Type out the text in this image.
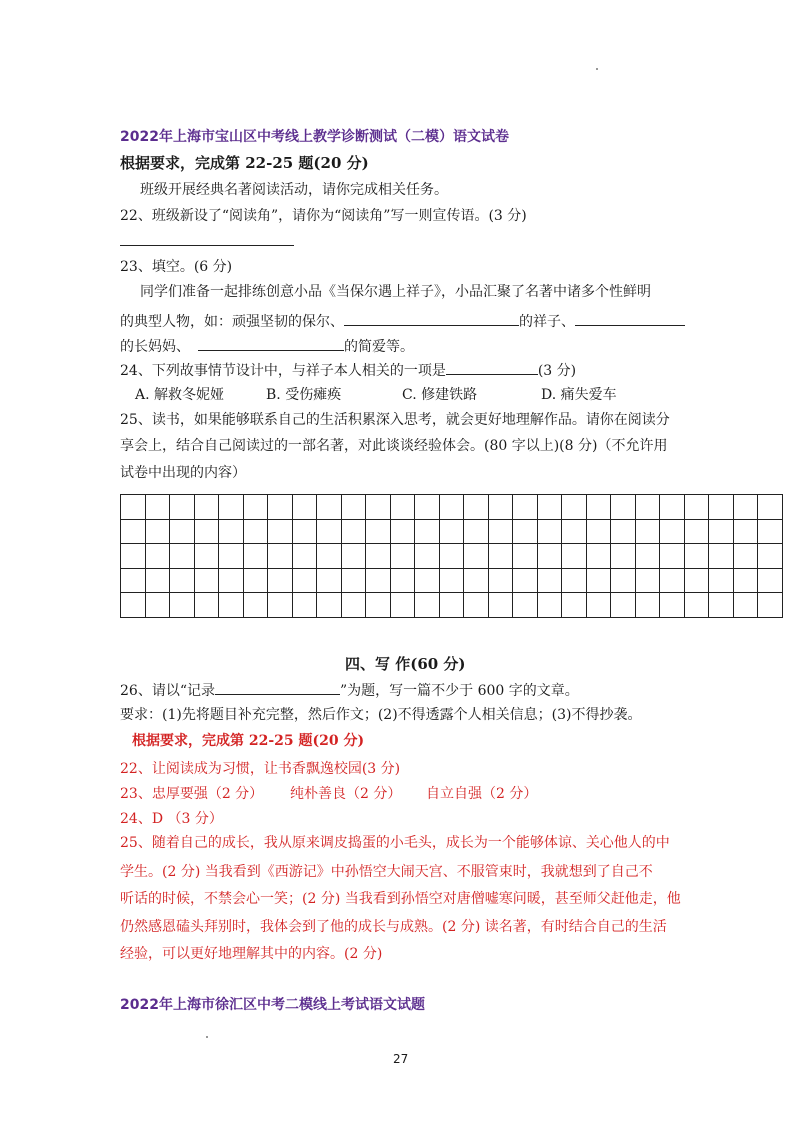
2022年上海市宝山区中考线上教学诊断测试（二模）语文试卷
根据要求，完成第 22-25 题(20 分)
班级开展经典名著阅读活动，请你完成相关任务。
22、班级新设了“阅读角”，请你为“阅读角”写一则宣传语。(3 分)
23、填空。(6 分)
同学们准备一起排练创意小品《当保尔遇上祥子》，小品汇聚了名著中诸多个性鲜明
的典型人物，如：顽强坚韧的保尔、	的祥子、
的长妈妈、	的简爱等。
24、下列故事情节设计中，与祥子本人相关的一项是	(3 分)
A. 解救冬妮娅	B. 受伤瘫痪	C. 修建铁路	D. 痛失爱车
25、读书，如果能够联系自己的生活积累深入思考，就会更好地理解作品。请你在阅读分
享会上，结合自己阅读过的一部名著，对此谈谈经验体会。(80 字以上)(8 分)（不允许用
试卷中出现的内容）

四、写 作(60 分)
26、请以“记录	”为题，写一篇不少于 600 字的文章。
要求：(1)先将题目补充完整，然后作文；(2)不得透露个人相关信息；(3)不得抄袭。
根据要求，完成第 22-25 题(20 分)
22、让阅读成为习惯，让书香飘逸校园(3 分)
23、忠厚要强（2 分） 纯朴善良（2 分） 自立自强（2 分）
24、D （3 分）
25、随着自己的成长，我从原来调皮捣蛋的小毛头，成长为一个能够体谅、关心他人的中
学生。(2 分) 当我看到《西游记》中孙悟空大闹天宫、不服管束时，我就想到了自己不
听话的时候，不禁会心一笑；(2 分) 当我看到孙悟空对唐僧嘘寒问暖，甚至师父赶他走，他
仍然感恩磕头拜别时，我体会到了他的成长与成熟。(2 分) 读名著，有时结合自己的生活
经验，可以更好地理解其中的内容。(2 分)
2022年上海市徐汇区中考二模线上考试语文试题
27
